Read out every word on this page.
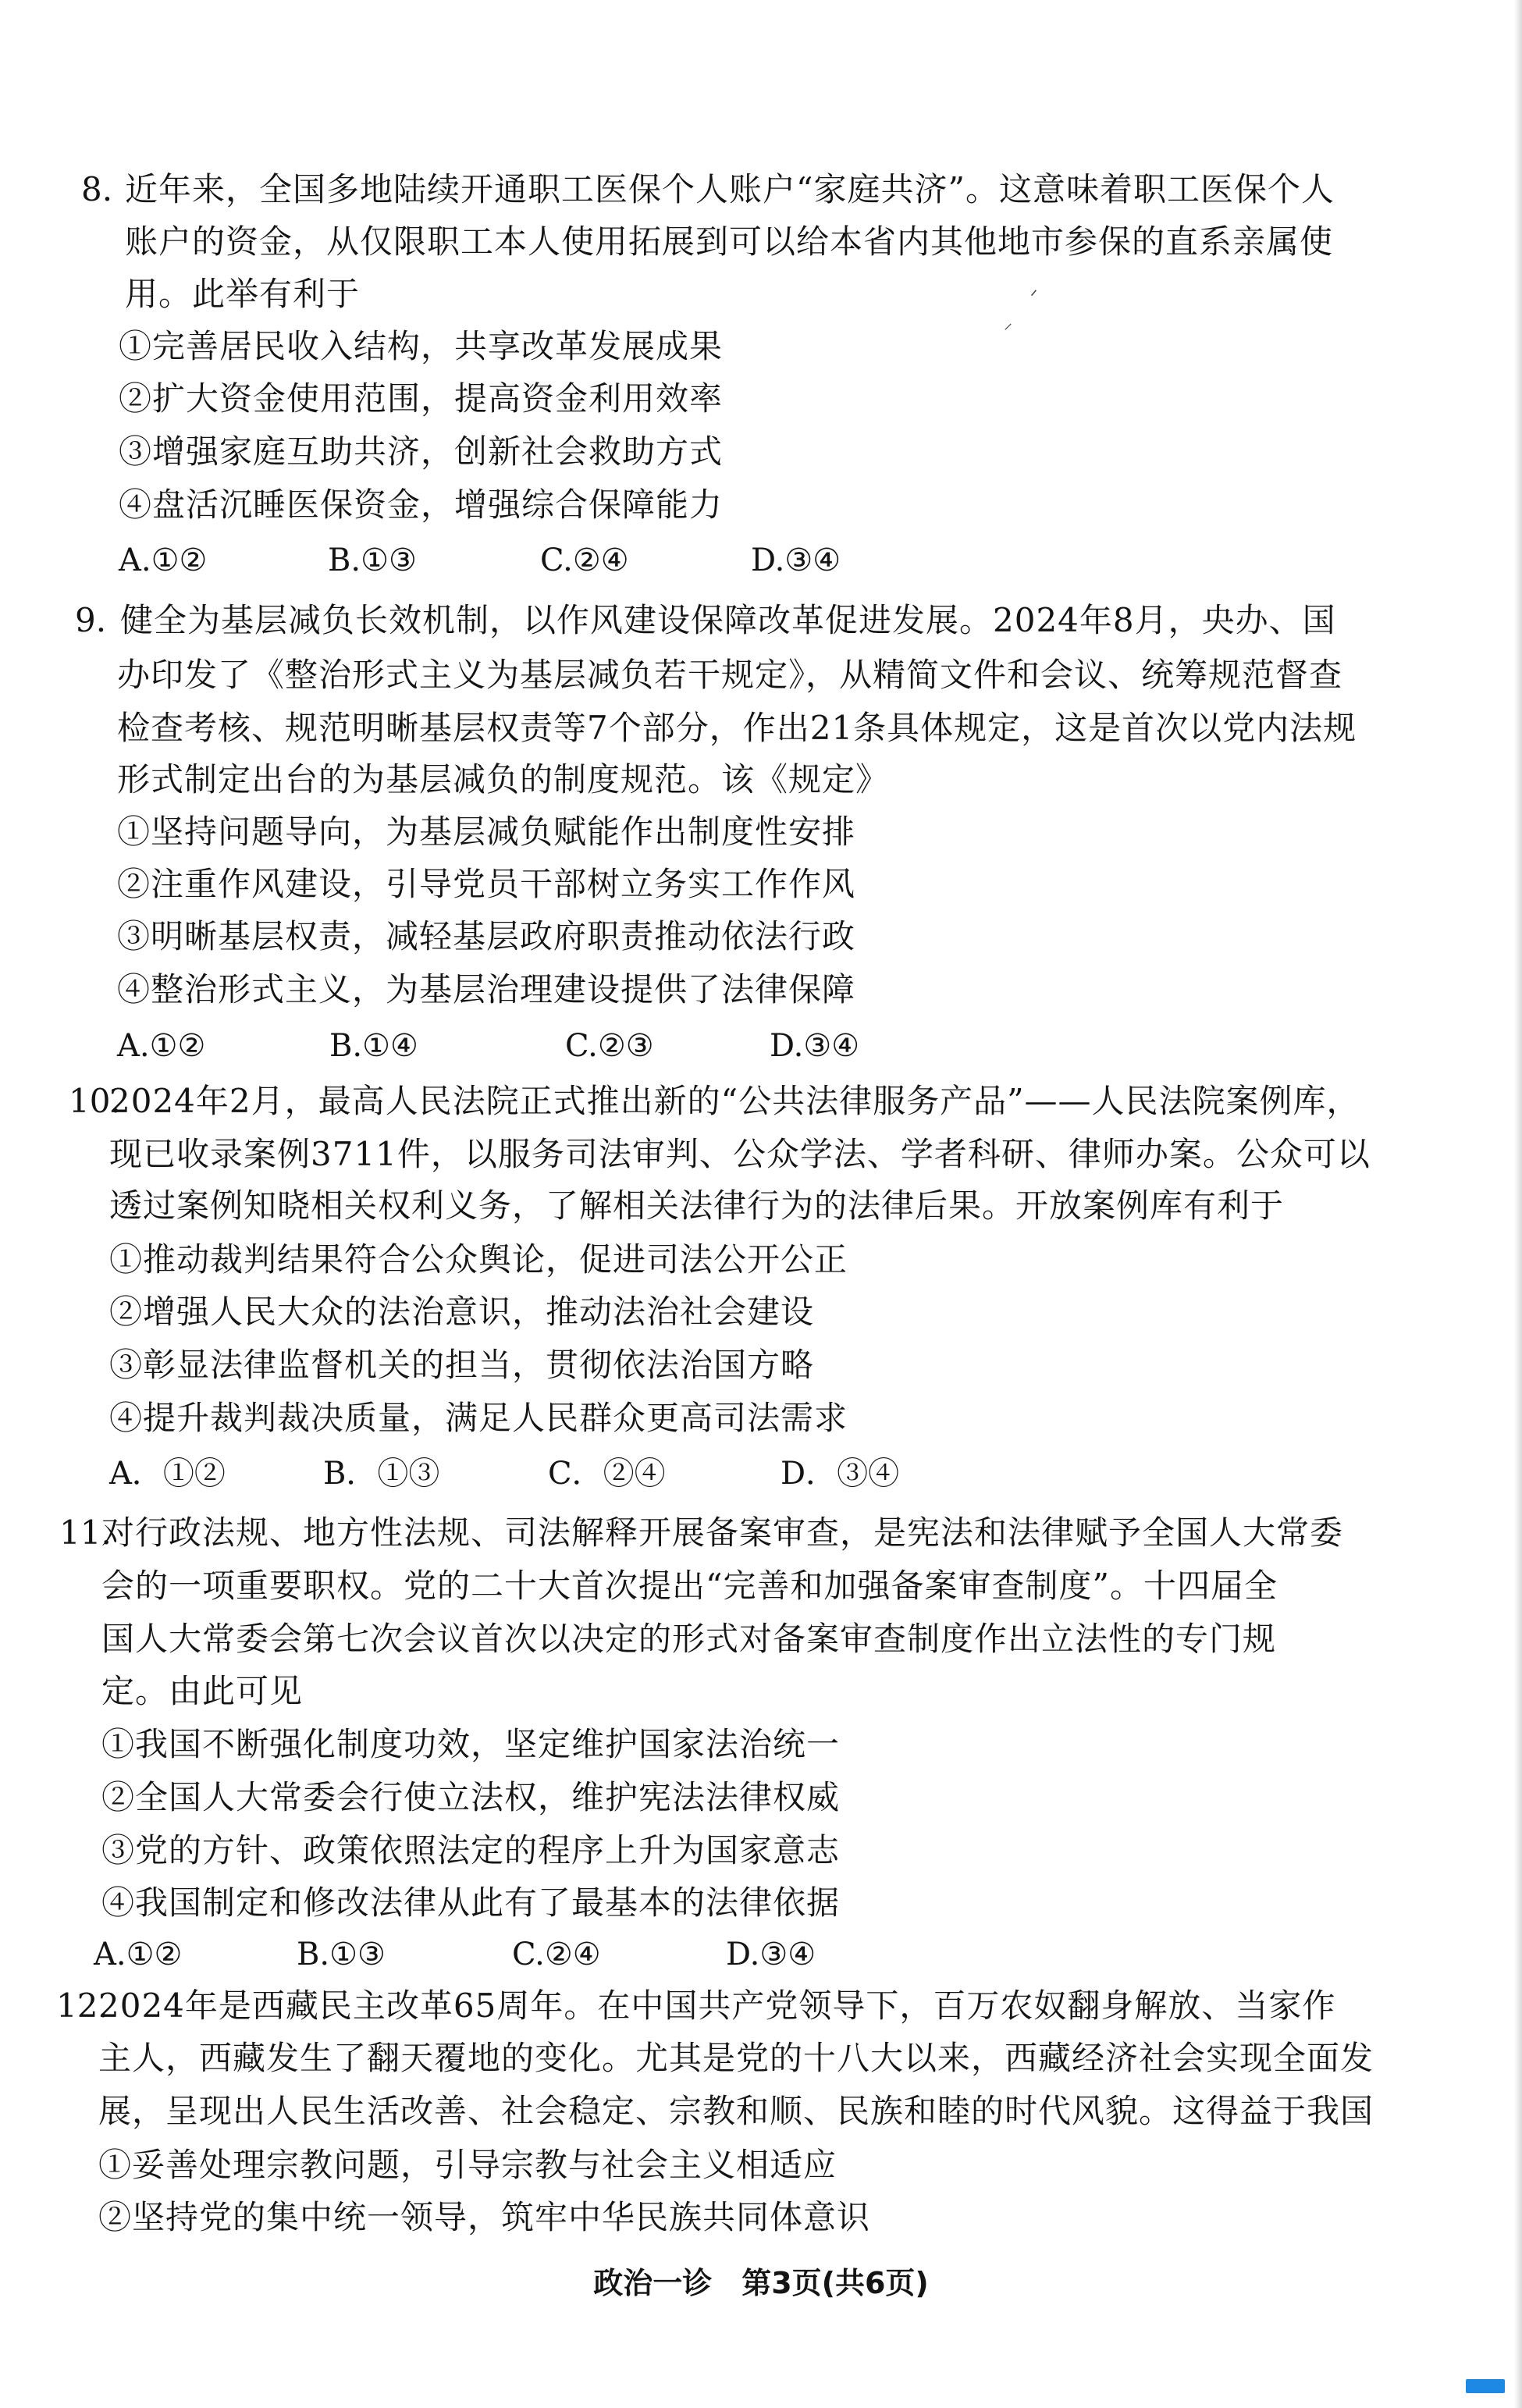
8. 近年来，全国多地陆续开通职工医保个人账户“家庭共济”。这意味着职工医保个人
账户的资金，从仅限职工本人使用拓展到可以给本省内其他地市参保的直系亲属使
用。此举有利于
①完善居民收入结构，共享改革发展成果
②扩大资金使用范围，提高资金利用效率
③增强家庭互助共济，创新社会救助方式
④盘活沉睡医保资金，增强综合保障能力
A.①②	B.①③	C.②④	D.③④
9. 健全为基层减负长效机制，以作风建设保障改革促进发展。2024年8月，央办、国
办印发了《整治形式主义为基层减负若干规定》，从精简文件和会议、统筹规范督查
检查考核、规范明晰基层权责等7个部分，作出21条具体规定，这是首次以党内法规
形式制定出台的为基层减负的制度规范。该《规定》
①坚持问题导向，为基层减负赋能作出制度性安排
②注重作风建设，引导党员干部树立务实工作作风
③明晰基层权责，减轻基层政府职责推动依法行政
④整治形式主义，为基层治理建设提供了法律保障
A.①②	B.①④	C.②③	D.③④
10.
2024年2月，最高人民法院正式推出新的“公共法律服务产品”——人民法院案例库，
现已收录案例3711件，以服务司法审判、公众学法、学者科研、律师办案。公众可以
透过案例知晓相关权利义务，了解相关法律行为的法律后果。开放案例库有利于
①推动裁判结果符合公众舆论，促进司法公开公正
②增强人民大众的法治意识，推动法治社会建设
③彰显法律监督机关的担当，贯彻依法治国方略
④提升裁判裁决质量，满足人民群众更高司法需求
A．①②	B．①③	C．②④	D．③④
11.
对行政法规、地方性法规、司法解释开展备案审查，是宪法和法律赋予全国人大常委
会的一项重要职权。党的二十大首次提出“完善和加强备案审查制度”。十四届全
国人大常委会第七次会议首次以决定的形式对备案审查制度作出立法性的专门规
定。由此可见
①我国不断强化制度功效，坚定维护国家法治统一
②全国人大常委会行使立法权，维护宪法法律权威
③党的方针、政策依照法定的程序上升为国家意志
④我国制定和修改法律从此有了最基本的法律依据
A.①②	B.①③	C.②④	D.③④
12.
2024年是西藏民主改革65周年。在中国共产党领导下，百万农奴翻身解放、当家作
主人，西藏发生了翻天覆地的变化。尤其是党的十八大以来，西藏经济社会实现全面发
展，呈现出人民生活改善、社会稳定、宗教和顺、民族和睦的时代风貌。这得益于我国
①妥善处理宗教问题，引导宗教与社会主义相适应
②坚持党的集中统一领导，筑牢中华民族共同体意识
政治一诊　第3页(共6页)
ᐟ
⸝
